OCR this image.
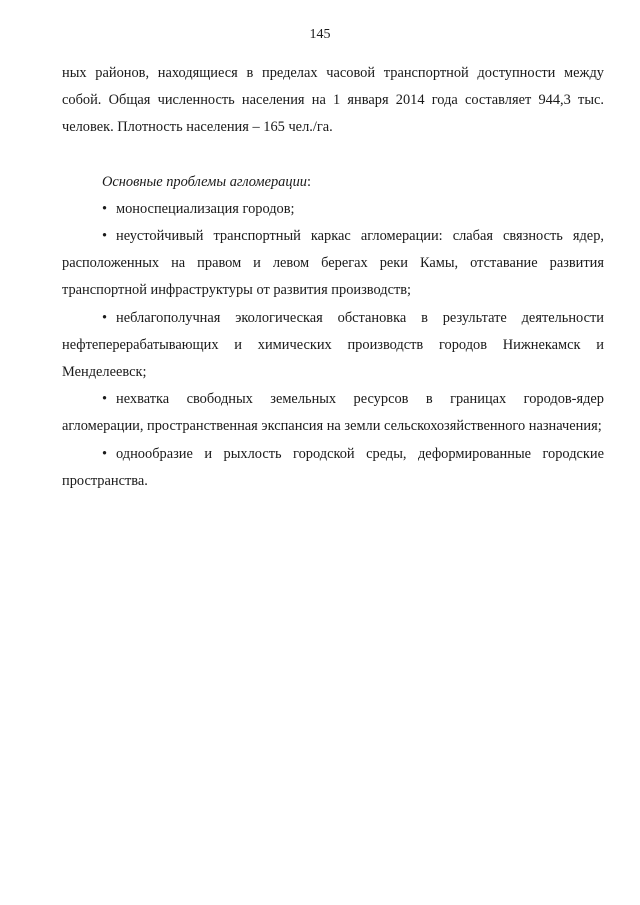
145

ных районов, находящиеся в пределах часовой транспортной доступности между собой. Общая численность населения на 1 января 2014 года составляет 944,3 тыс. человек. Плотность населения – 165 чел./га.

Основные проблемы агломерации:

• моноспециализация городов;

• неустойчивый транспортный каркас агломерации: слабая связность ядер, расположенных на правом и левом берегах реки Камы, отставание развития транспортной инфраструктуры от развития производств;

• неблагополучная экологическая обстановка в результате деятельности нефтеперерабатывающих и химических производств городов Нижнекамск и Менделеевск;

• нехватка свободных земельных ресурсов в границах городов-ядер агломерации, пространственная экспансия на земли сельскохозяйственного назначения;

• однообразие и рыхлость городской среды, деформированные городские пространства.
